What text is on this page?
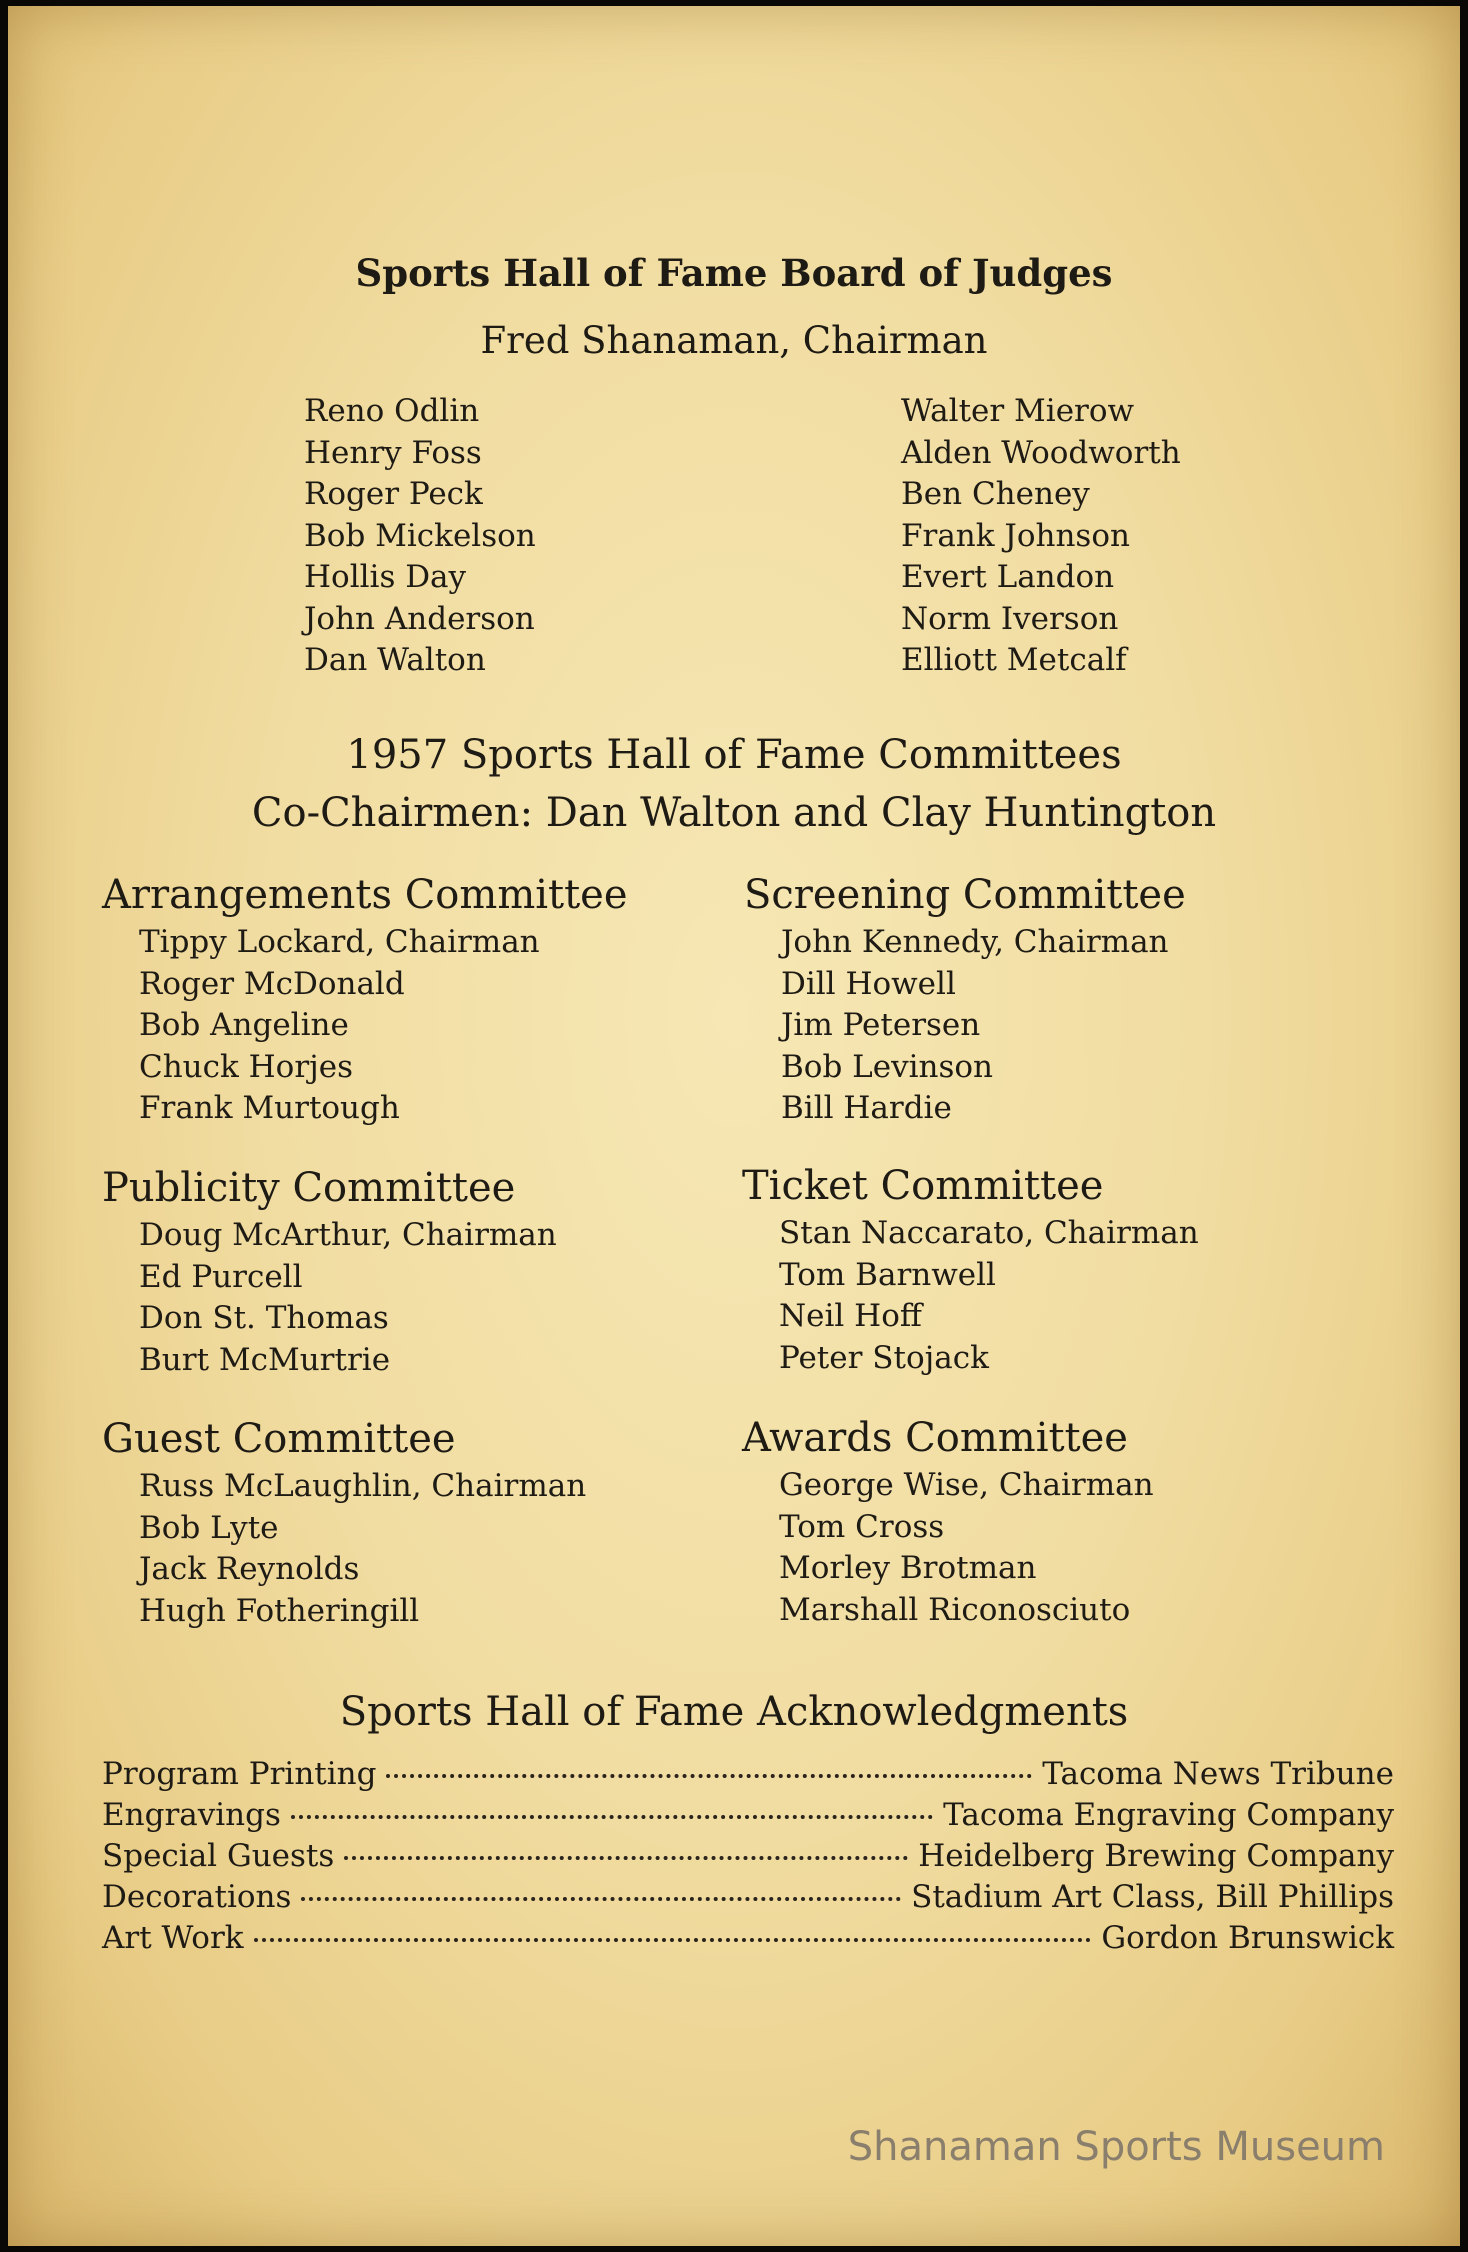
Sports Hall of Fame Board of Judges
Fred Shanaman, Chairman
Reno Odlin
Henry Foss
Roger Peck
Bob Mickelson
Hollis Day
John Anderson
Dan Walton
Walter Mierow
Alden Woodworth
Ben Cheney
Frank Johnson
Evert Landon
Norm Iverson
Elliott Metcalf
1957 Sports Hall of Fame Committees
Co-Chairmen: Dan Walton and Clay Huntington
Arrangements Committee
Tippy Lockard, Chairman
Roger McDonald
Bob Angeline
Chuck Horjes
Frank Murtough
Screening Committee
John Kennedy, Chairman
Dill Howell
Jim Petersen
Bob Levinson
Bill Hardie
Publicity Committee
Doug McArthur, Chairman
Ed Purcell
Don St. Thomas
Burt McMurtrie
Ticket Committee
Stan Naccarato, Chairman
Tom Barnwell
Neil Hoff
Peter Stojack
Guest Committee
Russ McLaughlin, Chairman
Bob Lyte
Jack Reynolds
Hugh Fotheringill
Awards Committee
George Wise, Chairman
Tom Cross
Morley Brotman
Marshall Riconosciuto
Sports Hall of Fame Acknowledgments
Program Printing	Tacoma News Tribune
Engravings	Tacoma Engraving Company
Special Guests	Heidelberg Brewing Company
Decorations	Stadium Art Class, Bill Phillips
Art Work	Gordon Brunswick
Shanaman Sports Museum
